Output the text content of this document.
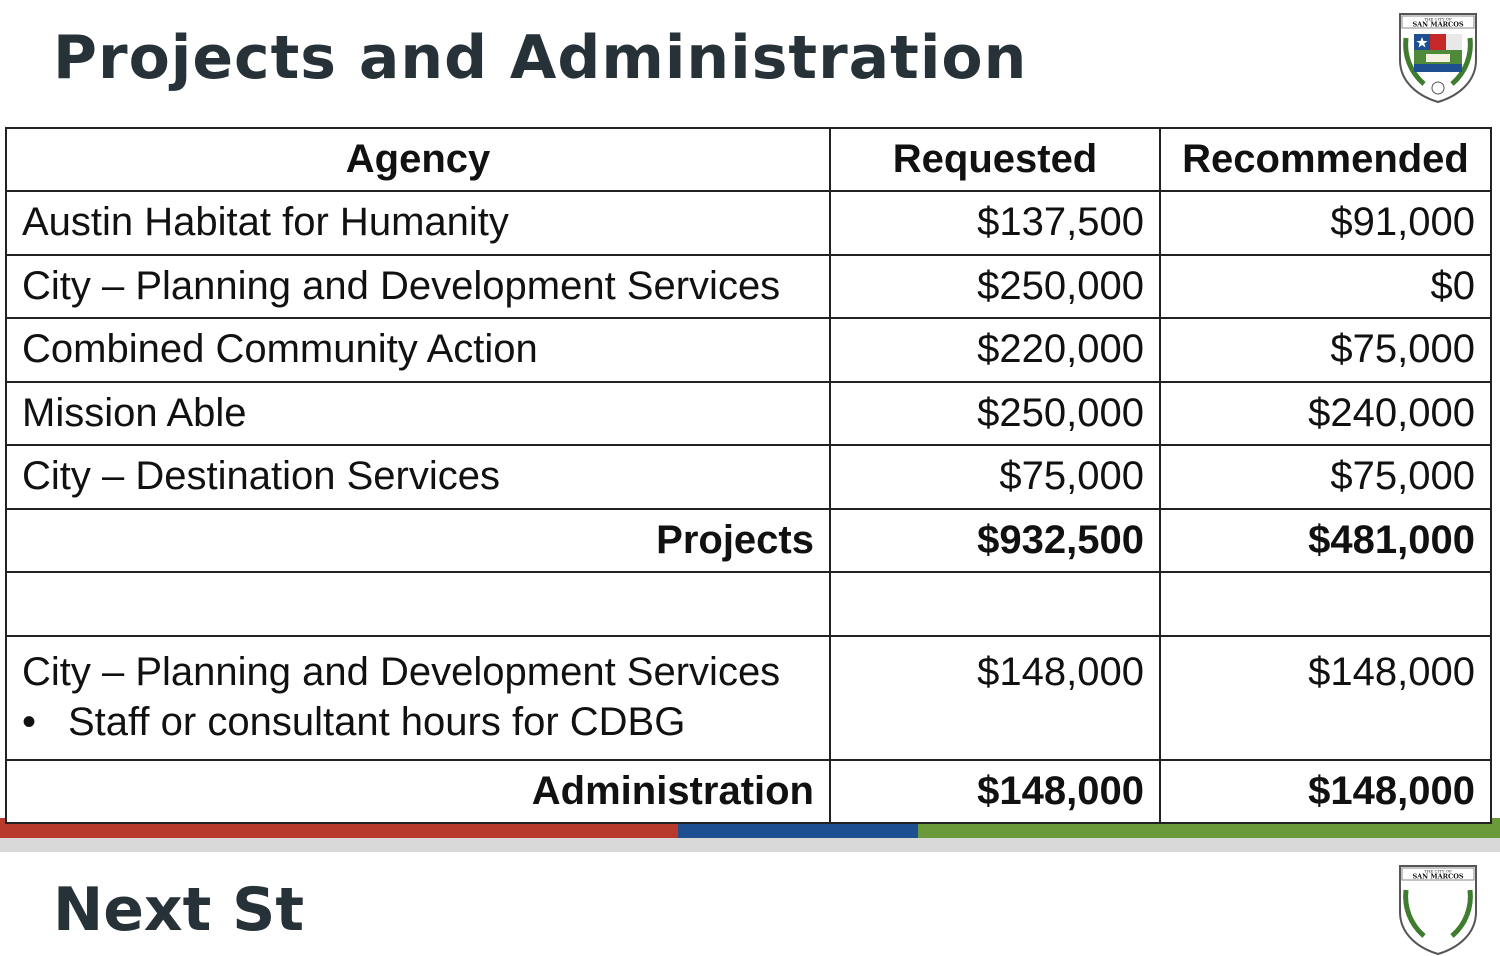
Projects and Administration
THE CITY OF
SAN MARCOS
Agency	Requested	Recommended
Austin Habitat for Humanity	$137,500	$91,000
City – Planning and Development Services	$250,000	$0
Combined Community Action	$220,000	$75,000
Mission Able	$250,000	$240,000
City – Destination Services	$75,000	$75,000
Projects	$932,500	$481,000

City – Planning and Development Services
• Staff or consultant hours for CDBG	$148,000	$148,000
Administration	$148,000	$148,000
Next St
THE CITY OF
SAN MARCOS
